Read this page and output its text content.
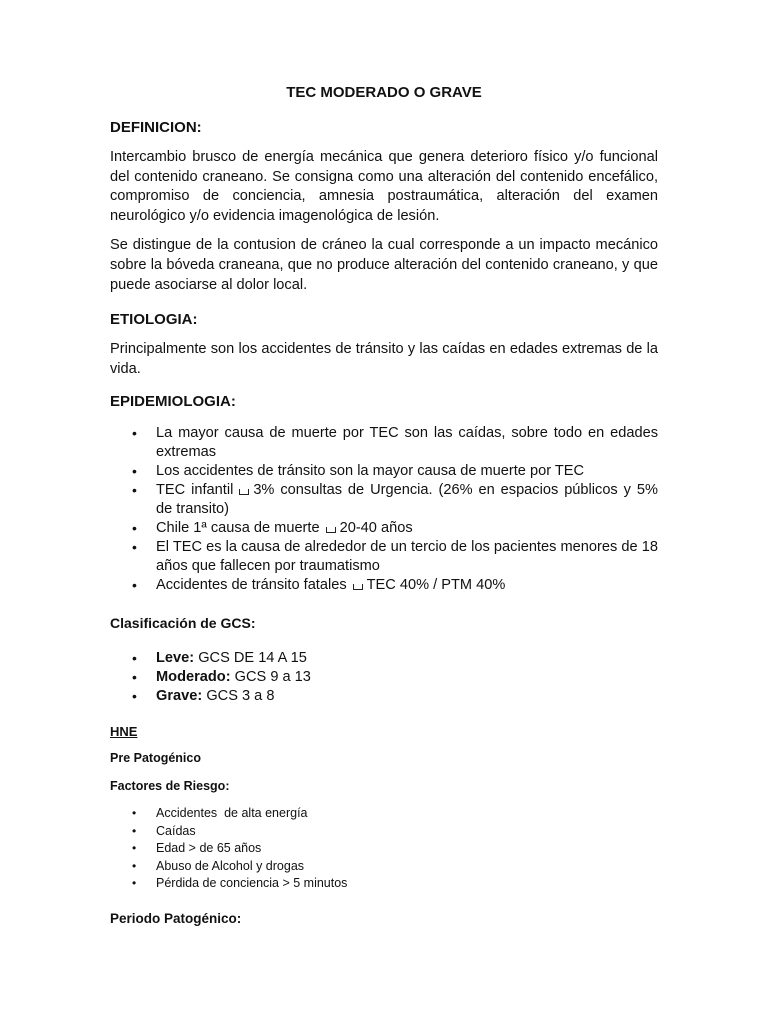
TEC MODERADO O GRAVE
DEFINICION:

Intercambio brusco de energía mecánica que genera deterioro físico y/o funcional del contenido craneano. Se consigna como una alteración del contenido encefálico, compromiso de conciencia, amnesia postraumática, alteración del examen neurológico y/o evidencia imagenológica de lesión.

Se distingue de la contusion de cráneo la cual corresponde a un impacto mecánico sobre la bóveda craneana, que no produce alteración del contenido craneano, y que puede asociarse al dolor local.

ETIOLOGIA:

Principalmente son los accidentes de tránsito y las caídas en edades extremas de la vida.

EPIDEMIOLOGIA:
• La mayor causa de muerte por TEC son las caídas, sobre todo en edades extremas
• Los accidentes de tránsito son la mayor causa de muerte por TEC
• TEC infantil 3% consultas de Urgencia. (26% en espacios públicos y 5% de transito)
• Chile 1ª causa de muerte 20-40 años
• El TEC es la causa de alrededor de un tercio de los pacientes menores de 18 años que fallecen por traumatismo
• Accidentes de tránsito fatales TEC 40% / PTM 40%
Clasificación de GCS:
• Leve: GCS DE 14 A 15
• Moderado: GCS 9 a 13
• Grave: GCS 3 a 8
HNE
Pre Patogénico
Factores de Riesgo:
• Accidentes  de alta energía
• Caídas
• Edad > de 65 años
• Abuso de Alcohol y drogas
• Pérdida de conciencia > 5 minutos
Periodo Patogénico:
